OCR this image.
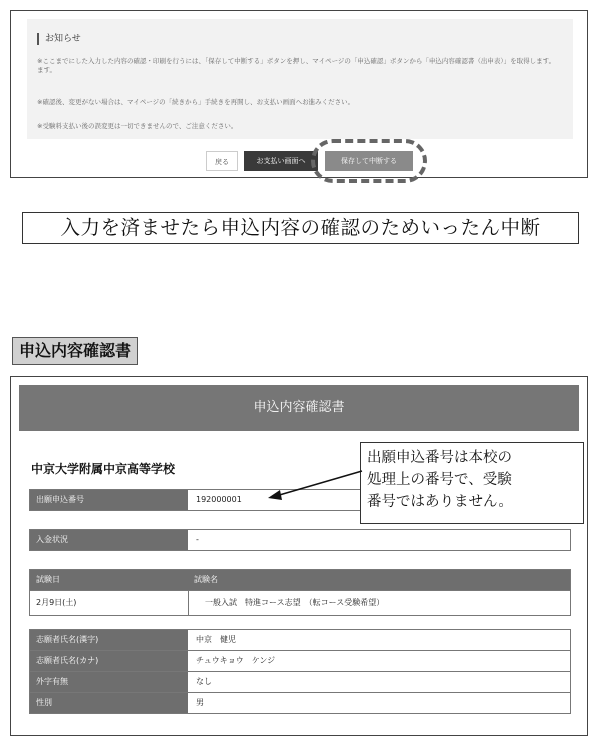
お知らせ
※ここまでにした入力した内容の確認・印刷を行うには、「保存して中断する」ボタンを押し、マイページの「申込確認」ボタンから「申込内容確認書（出申表）」を取得します。
ます。
※確認後、変更がない場合は、マイページの「続きから」手続きを再開し、お支払い画面へお進みください。
※受験料支払い後の誤変更は一切できませんので、ご注意ください。
戻る	お支払い画面へ	保存して中断する
入力を済ませたら申込内容の確認のためいったん中断
申込内容確認書
申込内容確認書
中京大学附属中京高等学校
出願申込番号	192000001
入金状況	-
試験日	試験名
2月9日(土)	一般入試　特進コース志望　（転コース受験希望）
志願者氏名(漢字)	中京　健児
志願者氏名(カナ)	チュウキョウ　ケンジ
外字有無	なし
性別	男
出願申込番号は本校の
処理上の番号で、受験
番号ではありません。
